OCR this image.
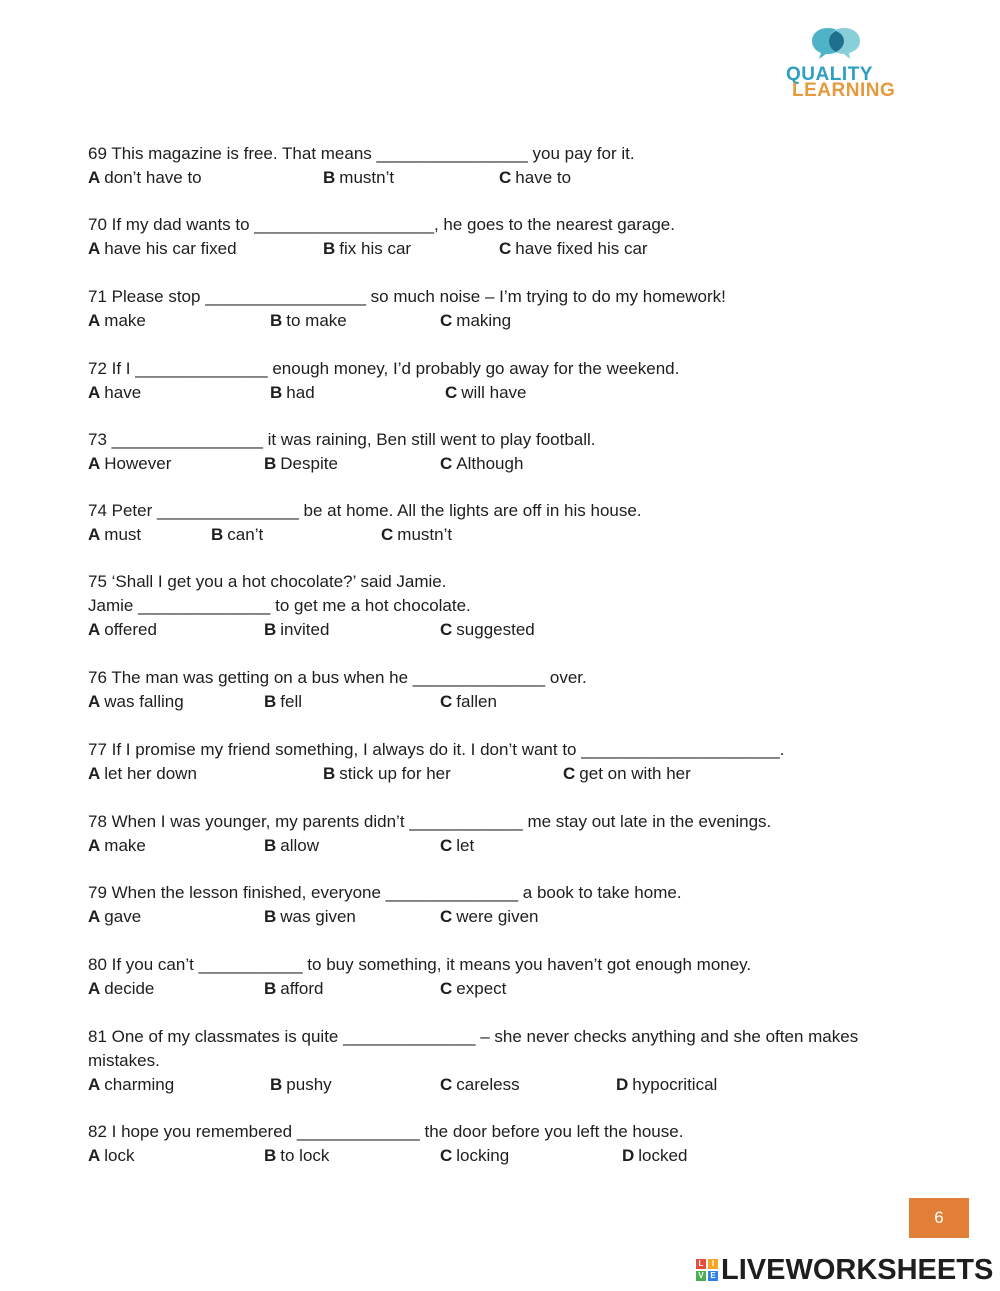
QUALITY
LEARNING
69 This magazine is free. That means ________________ you pay for it.
A don’t have to	B mustn’t	C have to
70 If my dad wants to ___________________, he goes to the nearest garage.
A have his car fixed	B fix his car	C have fixed his car
71 Please stop _________________ so much noise – I’m trying to do my homework!
A make	B to make	C making
72 If I ______________ enough money, I’d probably go away for the weekend.
A have	B had	C will have
73 ________________ it was raining, Ben still went to play football.
A However	B Despite	C Although
74 Peter _______________ be at home. All the lights are off in his house.
A must	B can’t	C mustn’t
75 ‘Shall I get you a hot chocolate?’ said Jamie.
Jamie ______________ to get me a hot chocolate.
A offered	B invited	C suggested
76 The man was getting on a bus when he ______________ over.
A was falling	B fell	C fallen
77 If I promise my friend something, I always do it. I don’t want to _____________________.
A let her down	B stick up for her	C get on with her
78 When I was younger, my parents didn’t ____________ me stay out late in the evenings.
A make	B allow	C let
79 When the lesson finished, everyone ______________ a book to take home.
A gave	B was given	C were given
80 If you can’t ___________ to buy something, it means you haven’t got enough money.
A decide	B afford	C expect
81 One of my classmates is quite ______________ – she never checks anything and she often makes mistakes.
A charming	B pushy	C careless	D hypocritical
82 I hope you remembered _____________ the door before you left the house.
A lock	B to lock	C locking	D locked
6
L	I
V E LIVEWORKSHEETS
